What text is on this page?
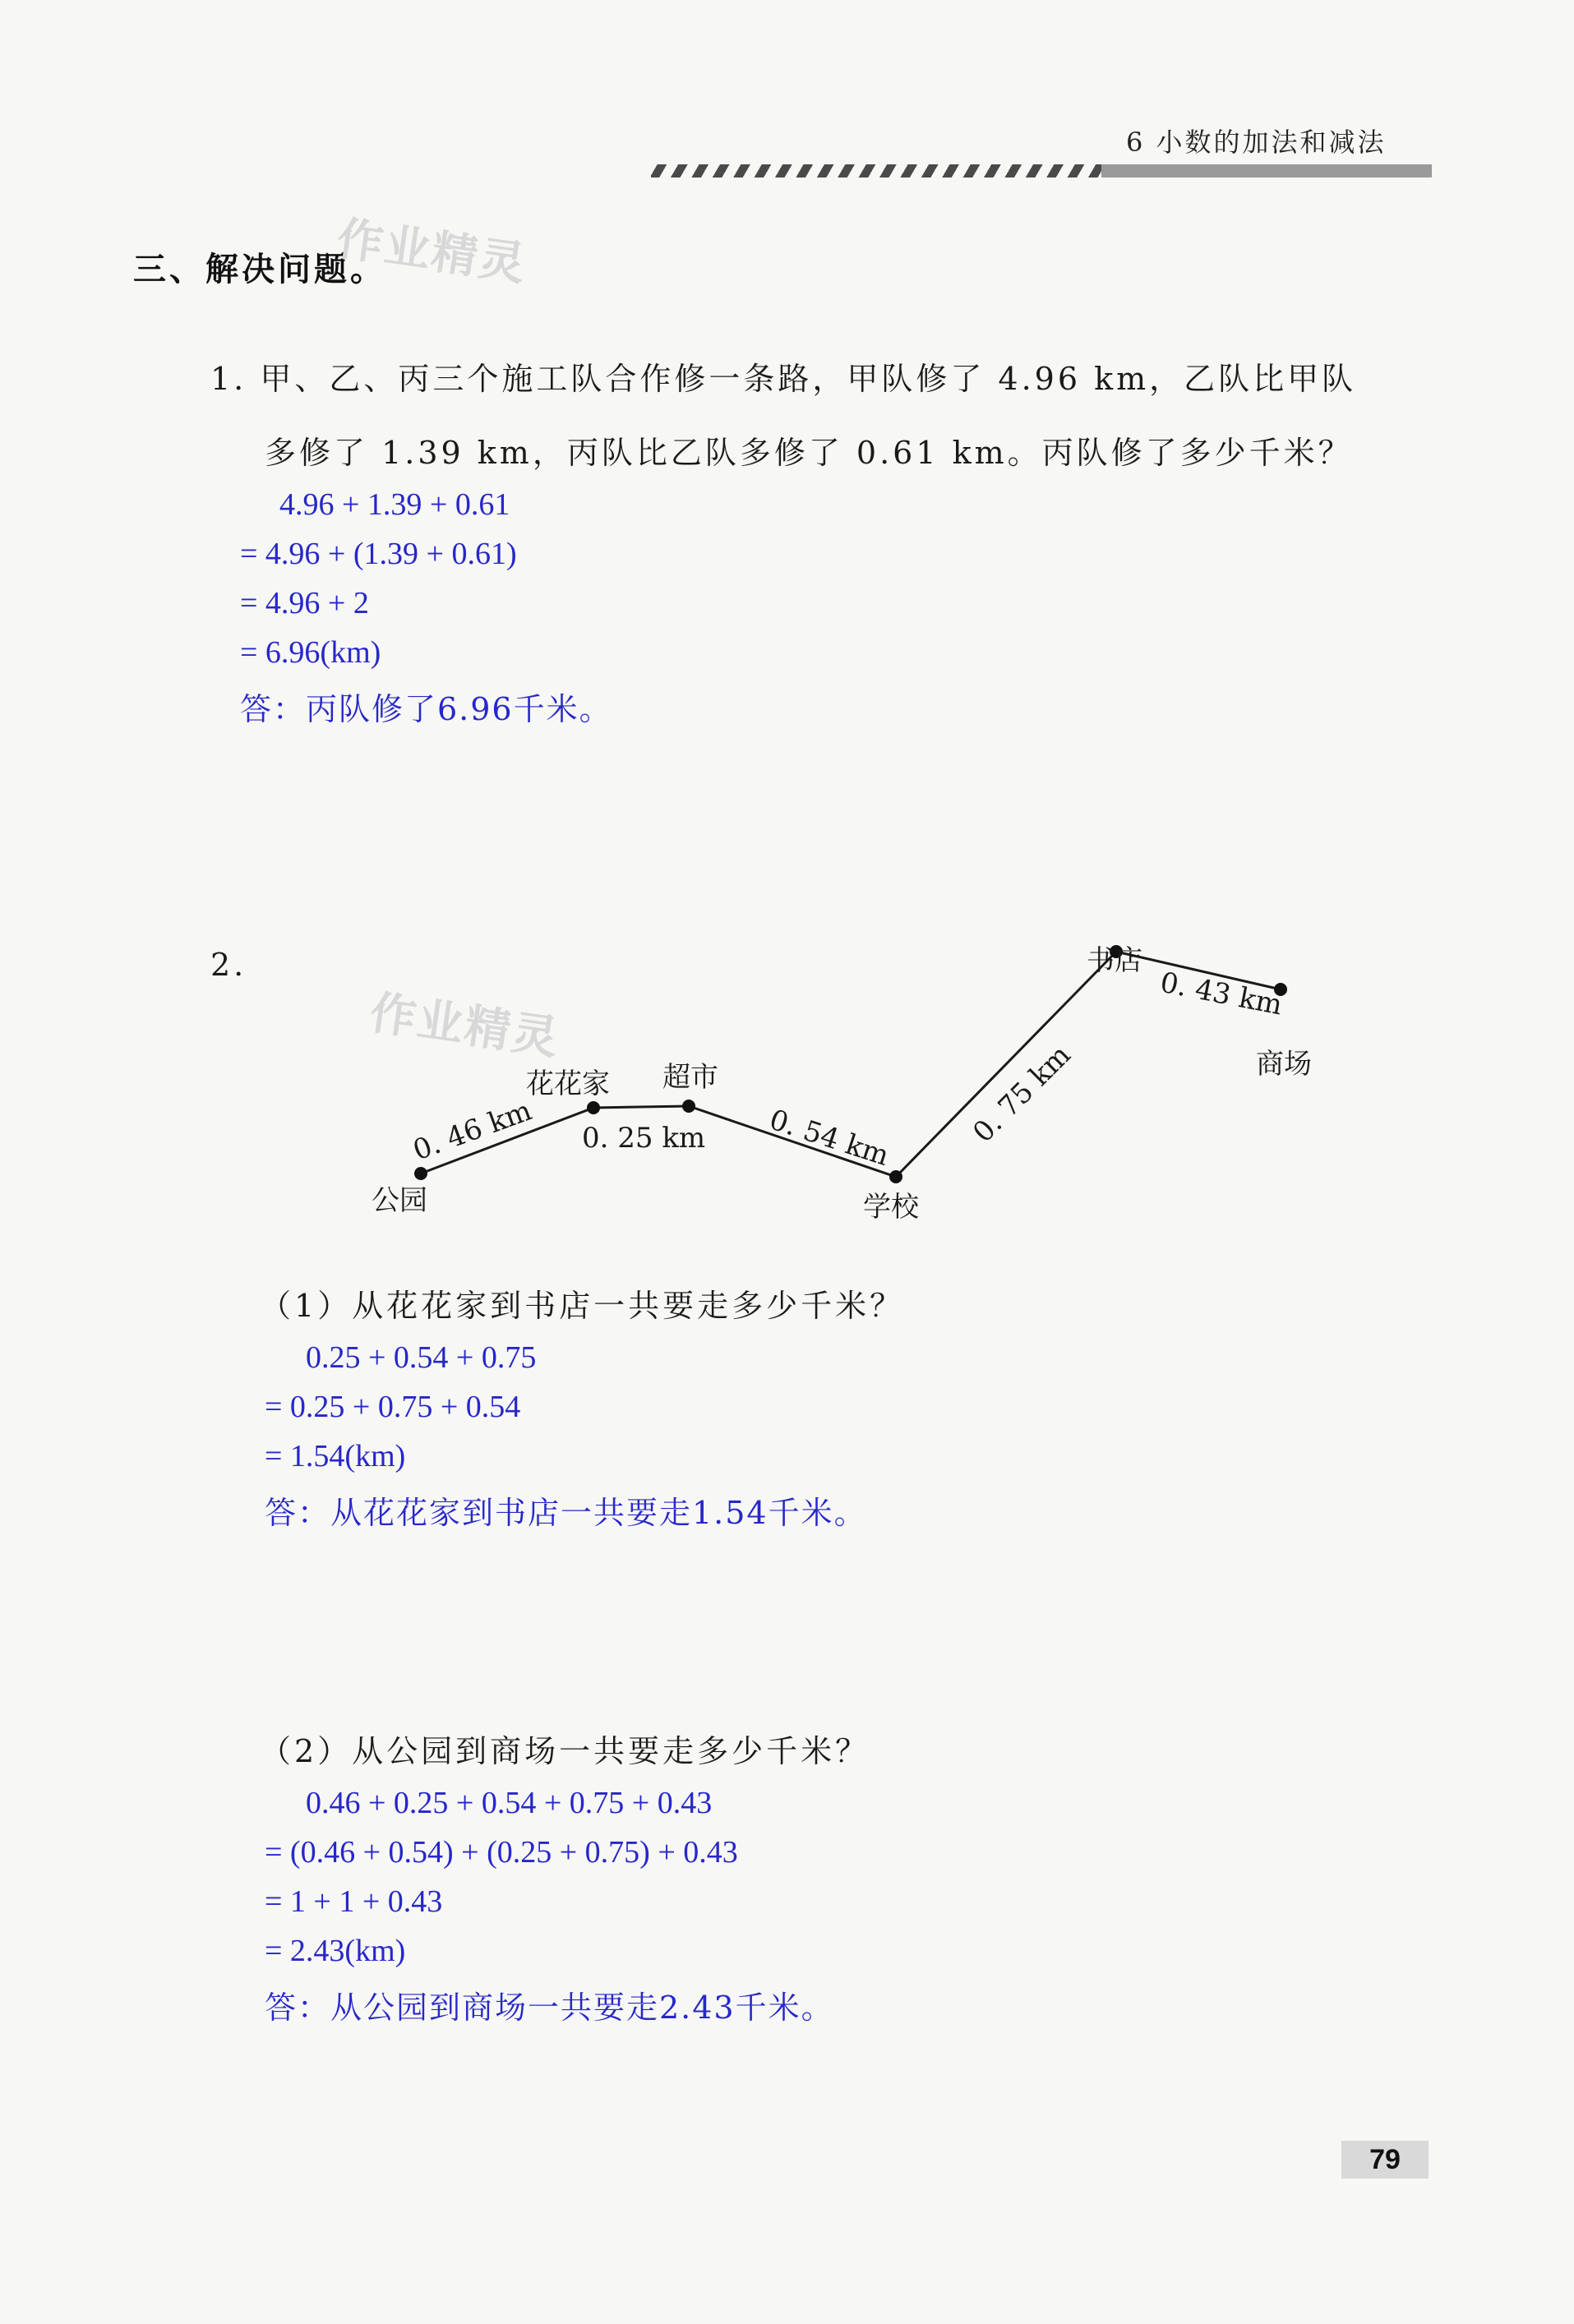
6 小数的加法和减法
三、解决问题。
作业精灵
1. 甲、乙、丙三个施工队合作修一条路，甲队修了 4.96 km，乙队比甲队
多修了 1.39 km，丙队比乙队多修了 0.61 km。丙队修了多少千米？
4.96 + 1.39 + 0.61
= 4.96 + (1.39 + 0.61)
= 4.96 + 2
= 6.96(km)
答：丙队修了6.96千米。
2.
作业精灵
公园
花花家 超市
学校
书店
商场
0. 46 km 0. 25 km 0. 54 km	0. 75 km
0. 43 km
（1）从花花家到书店一共要走多少千米？
0.25 + 0.54 + 0.75
= 0.25 + 0.75 + 0.54
= 1.54(km)
答：从花花家到书店一共要走1.54千米。
（2）从公园到商场一共要走多少千米？
0.46 + 0.25 + 0.54 + 0.75 + 0.43
= (0.46 + 0.54) + (0.25 + 0.75) + 0.43
= 1 + 1 + 0.43
= 2.43(km)
答：从公园到商场一共要走2.43千米。
79
